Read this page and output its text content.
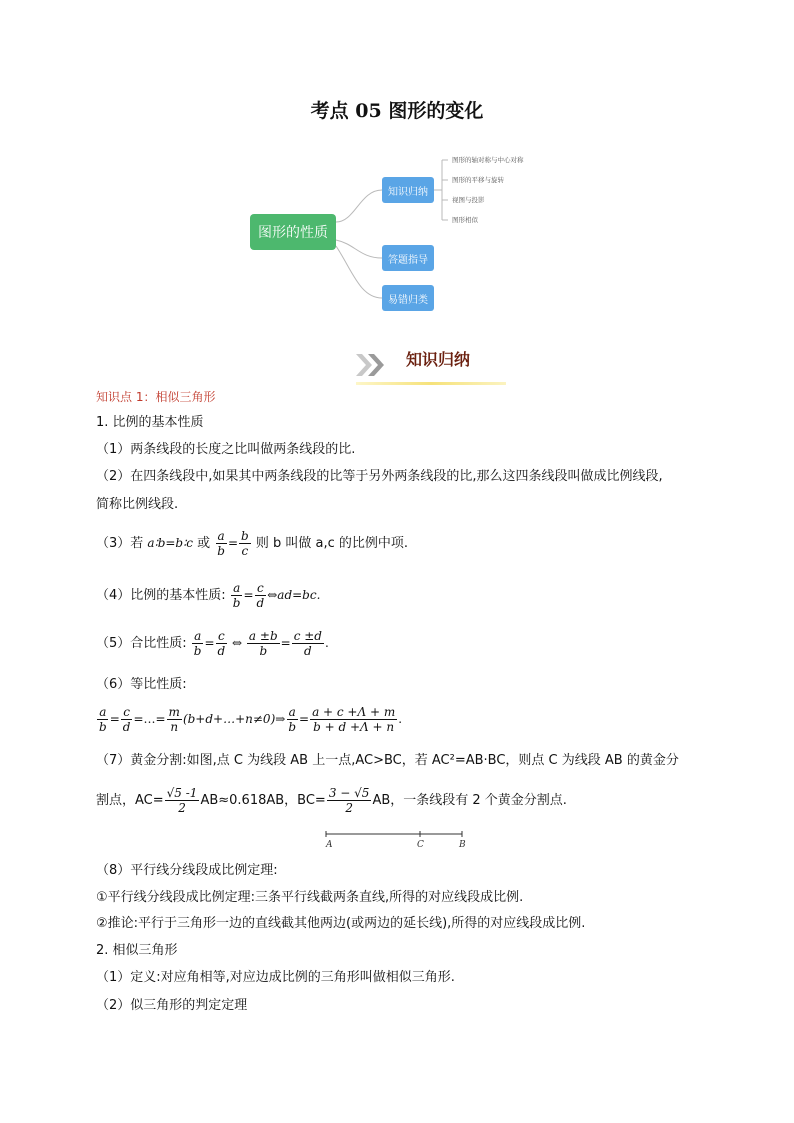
考点 05 图形的变化
图形的性质
知识归纳
答题指导
易错归类
图形的轴对称与中心对称
图形的平移与旋转
视图与投影
图形相似
知识归纳
知识点 1：相似三角形
1. 比例的基本性质
（1）两条线段的长度之比叫做两条线段的比.
（2）在四条线段中,如果其中两条线段的比等于另外两条线段的比,那么这四条线段叫做成比例线段,
简称比例线段.
（3）若 a∶b=b∶c 或 $\frac{a}{b} = \frac{b}{c}$ 则 b 叫做 a,c 的比例中项.
（4）比例的基本性质: $\frac{a}{b} = \frac{c}{d}$ ⇔ad=bc.
（5）合比性质: $\frac{a}{b} = \frac{c}{d}$ ⇔ $\frac{a \pm b}{b} = \frac{c \pm d}{d}$ .
（6）等比性质:
$\frac{a}{b} = \frac{c}{d}$ =…= $\frac{m}{n}$ (b+d+…+n≠0)⇒ $\frac{a}{b} = \frac{a + c +\Lambda + m}{b + d +\Lambda + n}$ .
（7）黄金分割:如图,点 C 为线段 AB 上一点,AC>BC，若 AC²=AB·BC，则点 C 为线段 AB 的黄金分
割点，$AC= \frac{√5 -1}{2} AB\approx 0.618AB$，$BC= \frac{3 - √5}{2}$ AB，一条线段有 2 个黄金分割点.
A	C	B
（8）平行线分线段成比例定理:
①平行线分线段成比例定理:三条平行线截两条直线,所得的对应线段成比例.
②推论:平行于三角形一边的直线截其他两边(或两边的延长线),所得的对应线段成比例.
2. 相似三角形
（1）定义:对应角相等,对应边成比例的三角形叫做相似三角形.
（2）似三角形的判定定理
